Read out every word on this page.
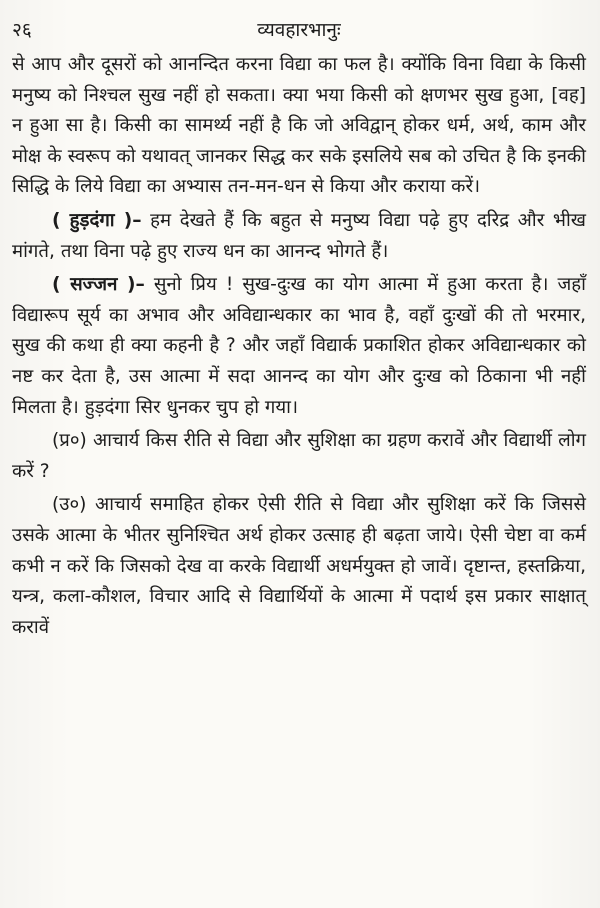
२६	व्यवहारभानुः

से आप और दूसरों को आनन्दित करना विद्या का फल है। क्योंकि विना विद्या के किसी मनुष्य को निश्चल सुख नहीं हो सकता। क्या भया किसी को क्षणभर सुख हुआ, [वह] न हुआ सा है। किसी का सामर्थ्य नहीं है कि जो अविद्वान् होकर धर्म, अर्थ, काम और मोक्ष के स्वरूप को यथावत् जानकर सिद्ध कर सके इसलिये सब को उचित है कि इनकी सिद्धि के लिये विद्या का अभ्यास तन-मन-धन से किया और कराया करें।

( हुड़दंगा )– हम देखते हैं कि बहुत से मनुष्य विद्या पढ़े हुए दरिद्र और भीख मांगते, तथा विना पढ़े हुए राज्य धन का आनन्द भोगते हैं।

( सज्जन )– सुनो प्रिय ! सुख-दुःख का योग आत्मा में हुआ करता है। जहाँ विद्यारूप सूर्य का अभाव और अविद्यान्धकार का भाव है, वहाँ दुःखों की तो भरमार, सुख की कथा ही क्या कहनी है ? और जहाँ विद्यार्क प्रकाशित होकर अविद्यान्धकार को नष्ट कर देता है, उस आत्मा में सदा आनन्द का योग और दुःख को ठिकाना भी नहीं मिलता है। हुड़दंगा सिर धुनकर चुप हो गया।

(प्र०) आचार्य किस रीति से विद्या और सुशिक्षा का ग्रहण करावें और विद्यार्थी लोग करें ?

(उ०) आचार्य समाहित होकर ऐसी रीति से विद्या और सुशिक्षा करें कि जिससे उसके आत्मा के भीतर सुनिश्चित अर्थ होकर उत्साह ही बढ़ता जाये। ऐसी चेष्टा वा कर्म कभी न करें कि जिसको देख वा करके विद्यार्थी अधर्मयुक्त हो जावें। दृष्टान्त, हस्तक्रिया, यन्त्र, कला-कौशल, विचार आदि से विद्यार्थियों के आत्मा में पदार्थ इस प्रकार साक्षात् करावें
